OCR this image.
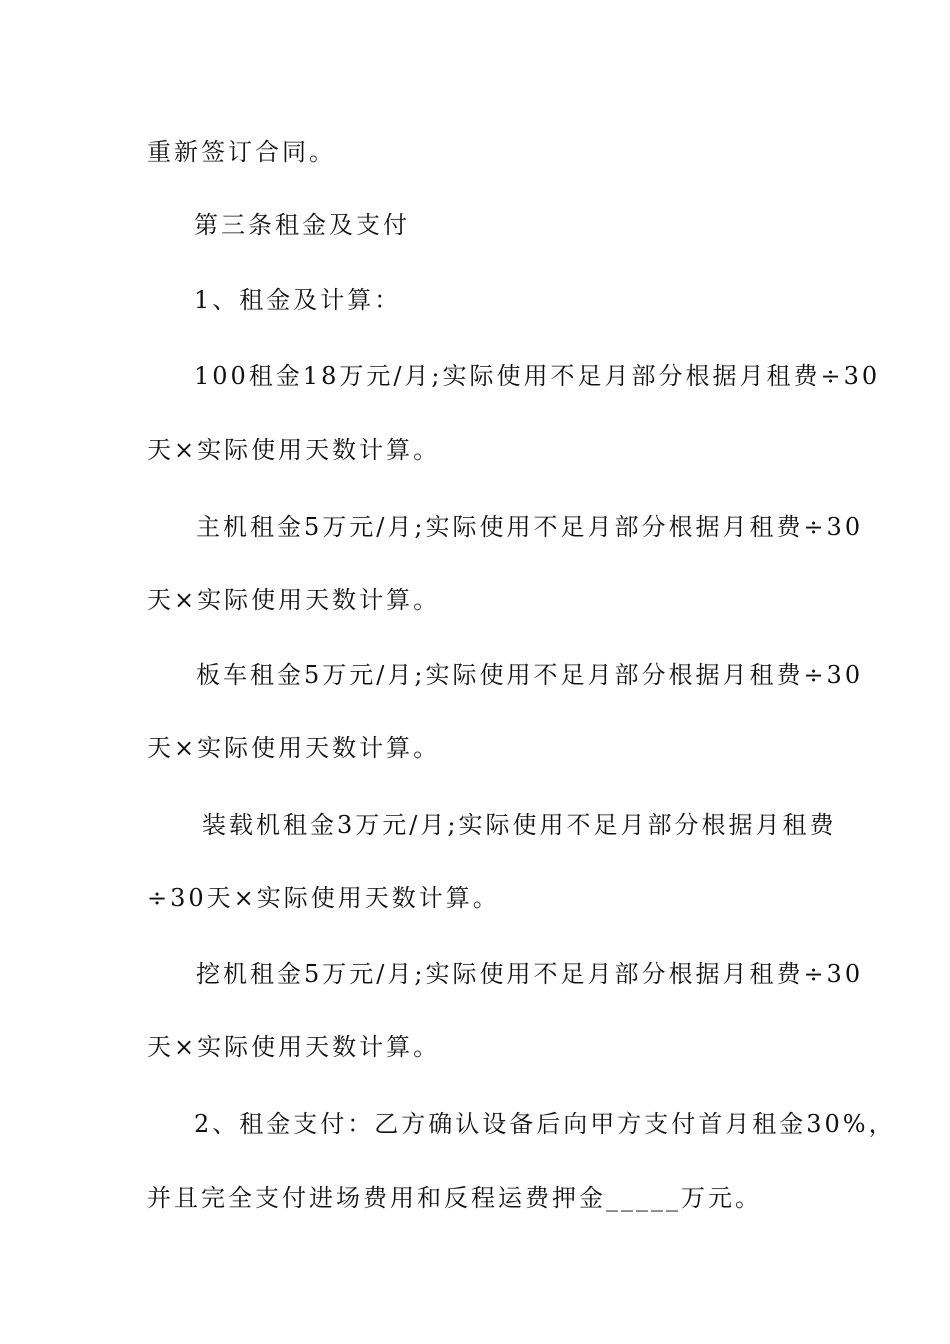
重新签订合同。
第三条租金及支付
1、租金及计算：
100租金18万元/月;实际使用不足月部分根据月租费÷30
天×实际使用天数计算。
主机租金5万元/月;实际使用不足月部分根据月租费÷30
天×实际使用天数计算。
板车租金5万元/月;实际使用不足月部分根据月租费÷30
天×实际使用天数计算。
装载机租金3万元/月;实际使用不足月部分根据月租费
÷30天×实际使用天数计算。
挖机租金5万元/月;实际使用不足月部分根据月租费÷30
天×实际使用天数计算。
2、租金支付：乙方确认设备后向甲方支付首月租金30%，
并且完全支付进场费用和反程运费押金_____万元。
